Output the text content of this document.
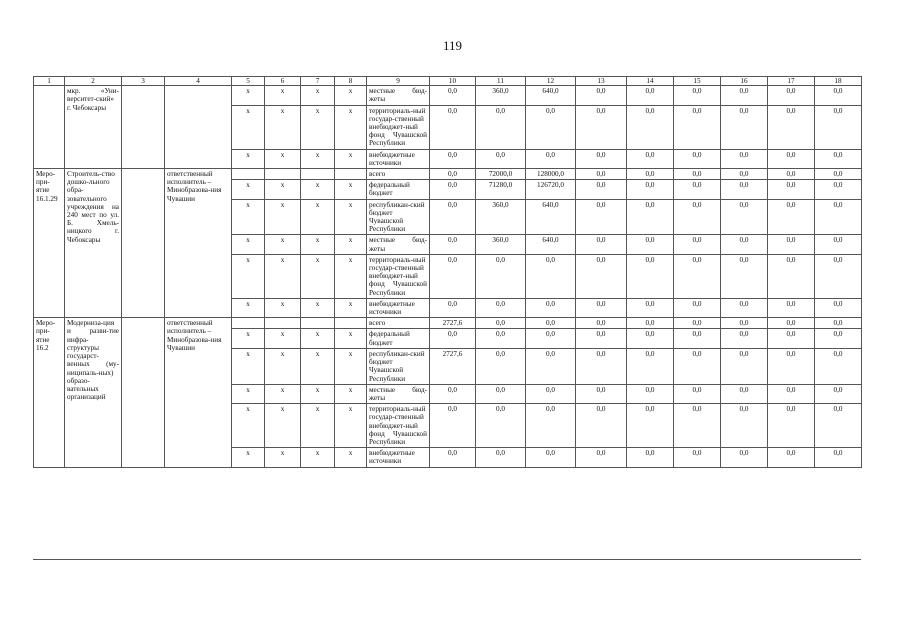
119
1	2	3	4	5	6	7	8	9	10	11	12	13	14	15	16	17	18
	мкр. «Уни-верситет-ский» г. Чебоксары			x	x	x	x	местные бюд-жеты	0,0	360,0	640,0	0,0	0,0	0,0	0,0	0,0	0,0
				x	x	x	x	территориаль-ный государ-ственный внебюджет-ный фонд Чувашской Республики	0,0	0,0	0,0	0,0	0,0	0,0	0,0	0,0	0,0
				x	x	x	x	внебюджетные источники	0,0	0,0	0,0	0,0	0,0	0,0	0,0	0,0	0,0
Меро-при-ятие 16.1.29	Строитель-ство дошко-льного обра-зовательного учреждения на 240 мест по ул. Б. Хмель-ницкого г. Чебоксары		ответственный исполнитель – Минобразова-ния Чувашии					всего	0,0	72000,0	128000,0	0,0	0,0	0,0	0,0	0,0	0,0
				x	x	x	x	федеральный бюджет	0,0	71280,0	126720,0	0,0	0,0	0,0	0,0	0,0	0,0
				x	x	x	x	республикан-ский бюджет Чувашской Республики	0,0	360,0	640,0	0,0	0,0	0,0	0,0	0,0	0,0
				x	x	x	x	местные бюд-жеты	0,0	360,0	640,0	0,0	0,0	0,0	0,0	0,0	0,0
				x	x	x	x	территориаль-ный государ-ственный внебюджет-ный фонд Чувашской Республики	0,0	0,0	0,0	0,0	0,0	0,0	0,0	0,0	0,0
				x	x	x	x	внебюджетные источники	0,0	0,0	0,0	0,0	0,0	0,0	0,0	0,0	0,0
Меро-при-ятие 16.2	Модерниза-ция и разви-тие инфра-структуры государст-венных (му-ниципаль-ных) образо-вательных организаций		ответственный исполнитель – Минобразова-ния Чувашии					всего	2727,6	0,0	0,0	0,0	0,0	0,0	0,0	0,0	0,0
				x	x	x	x	федеральный бюджет	0,0	0,0	0,0	0,0	0,0	0,0	0,0	0,0	0,0
				x	x	x	x	республикан-ский бюджет Чувашской Республики	2727,6	0,0	0,0	0,0	0,0	0,0	0,0	0,0	0,0
				x	x	x	x	местные бюд-жеты	0,0	0,0	0,0	0,0	0,0	0,0	0,0	0,0	0,0
				x	x	x	x	территориаль-ный государ-ственный внебюджет-ный фонд Чувашской Республики	0,0	0,0	0,0	0,0	0,0	0,0	0,0	0,0	0,0
				x	x	x	x	внебюджетные источники	0,0	0,0	0,0	0,0	0,0	0,0	0,0	0,0	0,0
